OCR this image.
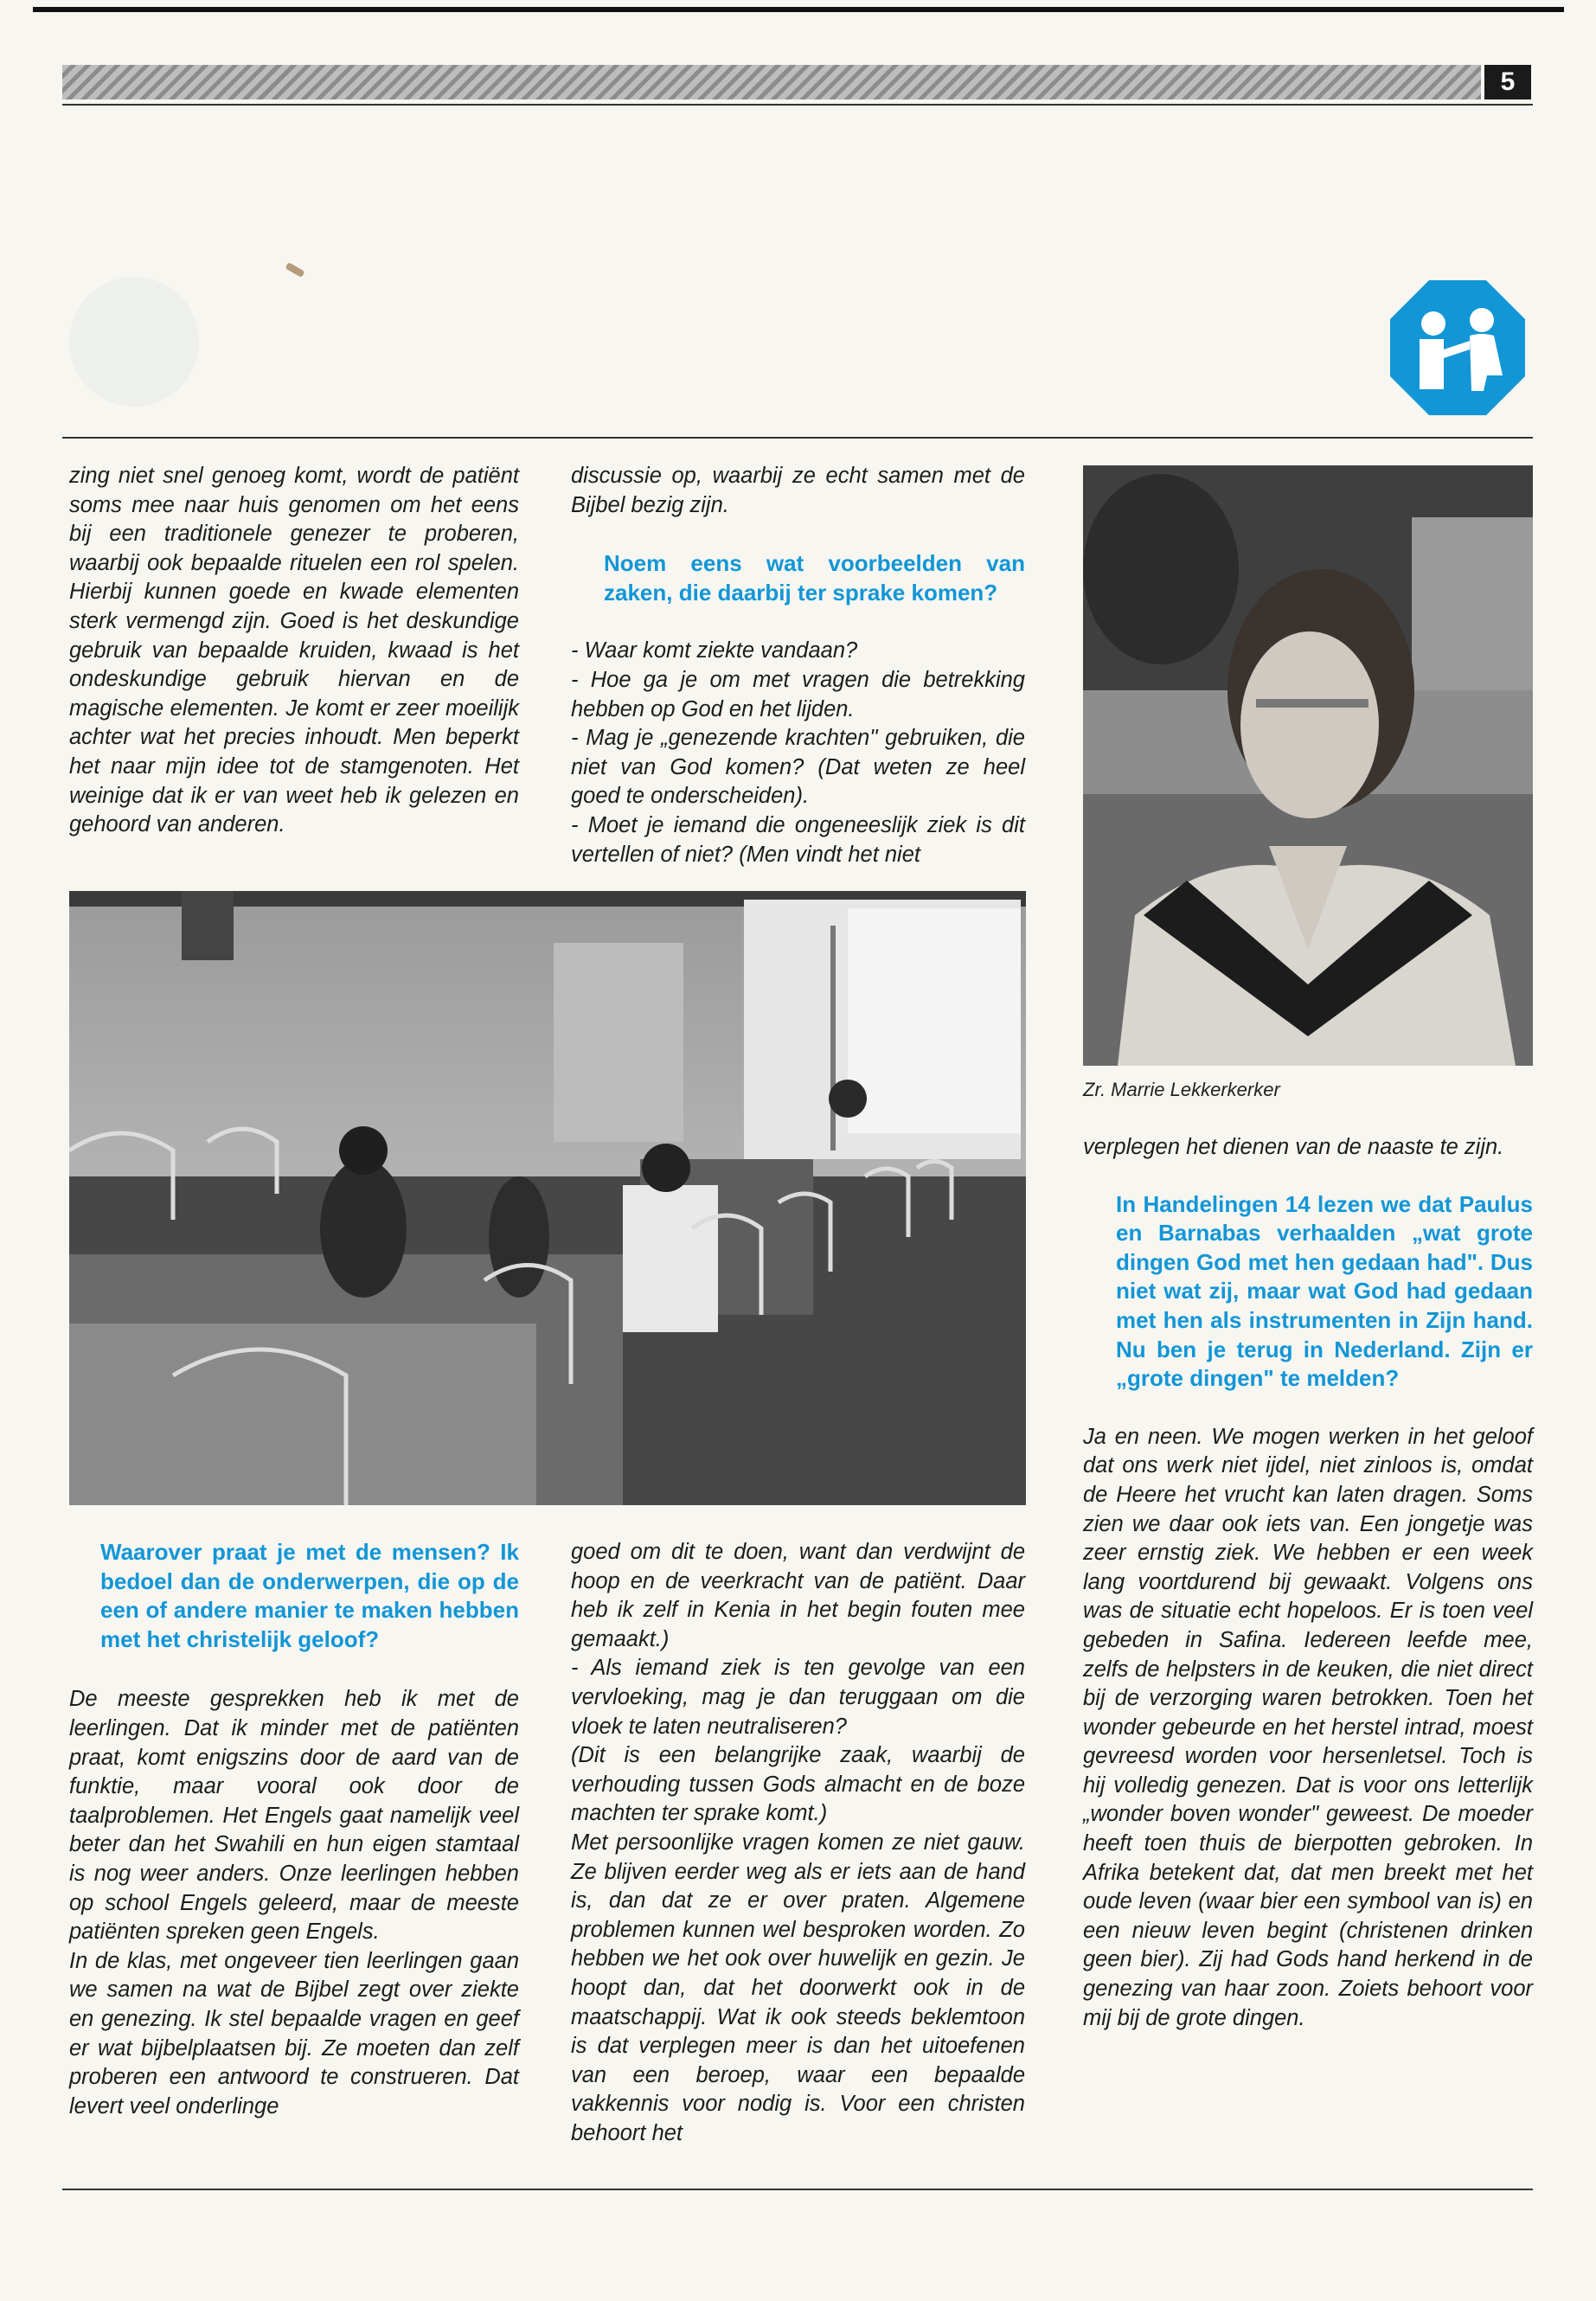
5

zing niet snel genoeg komt, wordt de patiënt soms mee naar huis genomen om het eens bij een traditionele genezer te proberen, waarbij ook bepaalde rituelen een rol spelen. Hierbij kunnen goede en kwade elementen sterk vermengd zijn. Goed is het deskundige gebruik van bepaalde kruiden, kwaad is het ondeskundige gebruik hiervan en de magische elementen. Je komt er zeer moeilijk achter wat het precies inhoudt. Men beperkt het naar mijn idee tot de stamgenoten. Het weinige dat ik er van weet heb ik gelezen en gehoord van anderen.

discussie op, waarbij ze echt samen met de Bijbel bezig zijn.

Noem eens wat voorbeelden van zaken, die daarbij ter sprake komen?

- Waar komt ziekte vandaan?

- Hoe ga je om met vragen die betrekking hebben op God en het lijden.

- Mag je „genezende krachten" gebruiken, die niet van God komen? (Dat weten ze heel goed te onderscheiden).

- Moet je iemand die ongeneeslijk ziek is dit vertellen of niet? (Men vindt het niet

Zr. Marrie Lekkerkerker

verplegen het dienen van de naaste te zijn.

In Handelingen 14 lezen we dat Paulus en Barnabas verhaalden „wat grote dingen God met hen gedaan had". Dus niet wat zij, maar wat God had gedaan met hen als instrumenten in Zijn hand. Nu ben je terug in Nederland. Zijn er „grote dingen" te melden?

Ja en neen. We mogen werken in het geloof dat ons werk niet ijdel, niet zinloos is, omdat de Heere het vrucht kan laten dragen. Soms zien we daar ook iets van. Een jongetje was zeer ernstig ziek. We hebben er een week lang voortdurend bij gewaakt. Volgens ons was de situatie echt hopeloos. Er is toen veel gebeden in Safina. Iedereen leefde mee, zelfs de helpsters in de keuken, die niet direct bij de verzorging waren betrokken. Toen het wonder gebeurde en het herstel intrad, moest gevreesd worden voor hersenletsel. Toch is hij volledig genezen. Dat is voor ons letterlijk „wonder boven wonder" geweest. De moeder heeft toen thuis de bierpotten gebroken. In Afrika betekent dat, dat men breekt met het oude leven (waar bier een symbool van is) en een nieuw leven begint (christenen drinken geen bier). Zij had Gods hand herkend in de genezing van haar zoon. Zoiets behoort voor mij bij de grote dingen.

Waarover praat je met de mensen? Ik bedoel dan de onderwerpen, die op de een of andere manier te maken hebben met het christelijk geloof?

De meeste gesprekken heb ik met de leerlingen. Dat ik minder met de patiënten praat, komt enigszins door de aard van de funktie, maar vooral ook door de taalproblemen. Het Engels gaat namelijk veel beter dan het Swahili en hun eigen stamtaal is nog weer anders. Onze leerlingen hebben op school Engels geleerd, maar de meeste patiënten spreken geen Engels.

In de klas, met ongeveer tien leerlingen gaan we samen na wat de Bijbel zegt over ziekte en genezing. Ik stel bepaalde vragen en geef er wat bijbelplaatsen bij. Ze moeten dan zelf proberen een antwoord te construeren. Dat levert veel onderlinge

goed om dit te doen, want dan verdwijnt de hoop en de veerkracht van de patiënt. Daar heb ik zelf in Kenia in het begin fouten mee gemaakt.)

- Als iemand ziek is ten gevolge van een vervloeking, mag je dan teruggaan om die vloek te laten neutraliseren?

(Dit is een belangrijke zaak, waarbij de verhouding tussen Gods almacht en de boze machten ter sprake komt.)

Met persoonlijke vragen komen ze niet gauw. Ze blijven eerder weg als er iets aan de hand is, dan dat ze er over praten. Algemene problemen kunnen wel besproken worden. Zo hebben we het ook over huwelijk en gezin. Je hoopt dan, dat het doorwerkt ook in de maatschappij. Wat ik ook steeds beklemtoon is dat verplegen meer is dan het uitoefenen van een beroep, waar een bepaalde vakkennis voor nodig is. Voor een christen behoort het
